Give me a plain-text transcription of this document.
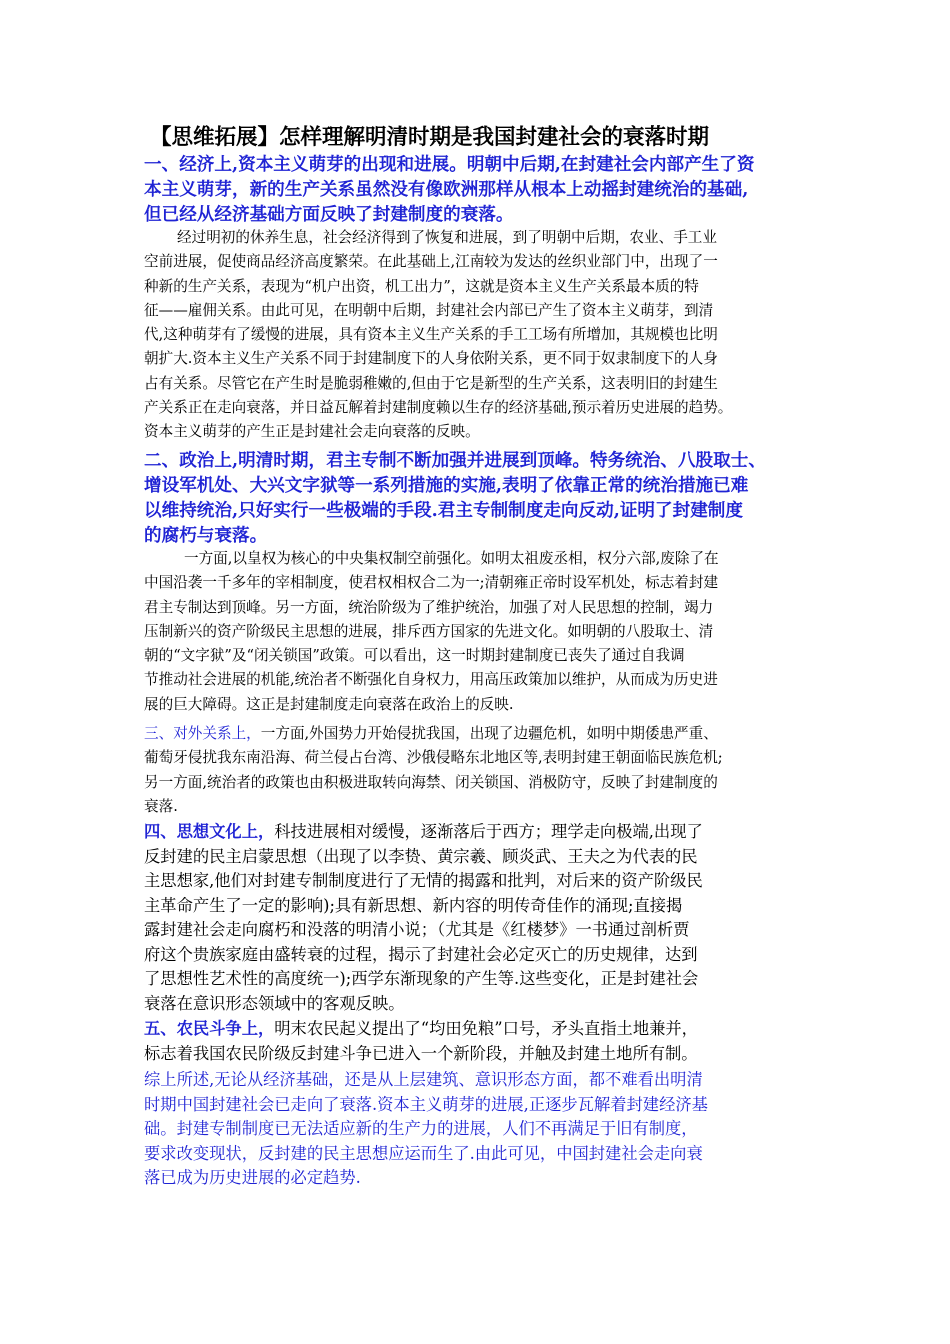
【思维拓展】怎样理解明清时期是我国封建社会的衰落时期
一、经济上,资本主义萌芽的出现和进展。明朝中后期,在封建社会内部产生了资
本主义萌芽，新的生产关系虽然没有像欧洲那样从根本上动摇封建统治的基础,
但已经从经济基础方面反映了封建制度的衰落。
经过明初的休养生息，社会经济得到了恢复和进展，到了明朝中后期，农业、手工业
空前进展，促使商品经济高度繁荣。在此基础上,江南较为发达的丝织业部门中，出现了一
种新的生产关系，表现为“机户出资，机工出力”，这就是资本主义生产关系最本质的特
征——雇佣关系。由此可见，在明朝中后期，封建社会内部已产生了资本主义萌芽，到清
代,这种萌芽有了缓慢的进展，具有资本主义生产关系的手工工场有所增加，其规模也比明
朝扩大.资本主义生产关系不同于封建制度下的人身依附关系，更不同于奴隶制度下的人身
占有关系。尽管它在产生时是脆弱稚嫩的,但由于它是新型的生产关系，这表明旧的封建生
产关系正在走向衰落，并日益瓦解着封建制度赖以生存的经济基础,预示着历史进展的趋势。
资本主义萌芽的产生正是封建社会走向衰落的反映。
二、政治上,明清时期，君主专制不断加强并进展到顶峰。特务统治、八股取士、
增设军机处、大兴文字狱等一系列措施的实施,表明了依靠正常的统治措施已难
以维持统治,只好实行一些极端的手段.君主专制制度走向反动,证明了封建制度
的腐朽与衰落。
一方面,以皇权为核心的中央集权制空前强化。如明太祖废丞相，权分六部,废除了在
中国沿袭一千多年的宰相制度，使君权相权合二为一;清朝雍正帝时设军机处，标志着封建
君主专制达到顶峰。另一方面，统治阶级为了维护统治，加强了对人民思想的控制，竭力
压制新兴的资产阶级民主思想的进展，排斥西方国家的先进文化。如明朝的八股取士、清
朝的“文字狱”及“闭关锁国”政策。可以看出，这一时期封建制度已丧失了通过自我调
节推动社会进展的机能,统治者不断强化自身权力，用高压政策加以维护，从而成为历史进
展的巨大障碍。这正是封建制度走向衰落在政治上的反映.
三、对外关系上，一方面,外国势力开始侵扰我国，出现了边疆危机，如明中期倭患严重、
葡萄牙侵扰我东南沿海、荷兰侵占台湾、沙俄侵略东北地区等,表明封建王朝面临民族危机;
另一方面,统治者的政策也由积极进取转向海禁、闭关锁国、消极防守，反映了封建制度的
衰落.
四、思想文化上，科技进展相对缓慢，逐渐落后于西方；理学走向极端,出现了
反封建的民主启蒙思想（出现了以李贽、黄宗羲、顾炎武、王夫之为代表的民
主思想家,他们对封建专制制度进行了无情的揭露和批判，对后来的资产阶级民
主革命产生了一定的影响);具有新思想、新内容的明传奇佳作的涌现;直接揭
露封建社会走向腐朽和没落的明清小说；（尤其是《红楼梦》一书通过剖析贾
府这个贵族家庭由盛转衰的过程，揭示了封建社会必定灭亡的历史规律，达到
了思想性艺术性的高度统一);西学东渐现象的产生等.这些变化，正是封建社会
衰落在意识形态领域中的客观反映。
五、农民斗争上，明末农民起义提出了“均田免粮”口号，矛头直指土地兼并，
标志着我国农民阶级反封建斗争已进入一个新阶段，并触及封建土地所有制。
综上所述,无论从经济基础，还是从上层建筑、意识形态方面，都不难看出明清
时期中国封建社会已走向了衰落.资本主义萌芽的进展,正逐步瓦解着封建经济基
础。封建专制制度已无法适应新的生产力的进展，人们不再满足于旧有制度，
要求改变现状，反封建的民主思想应运而生了.由此可见，中国封建社会走向衰
落已成为历史进展的必定趋势.
